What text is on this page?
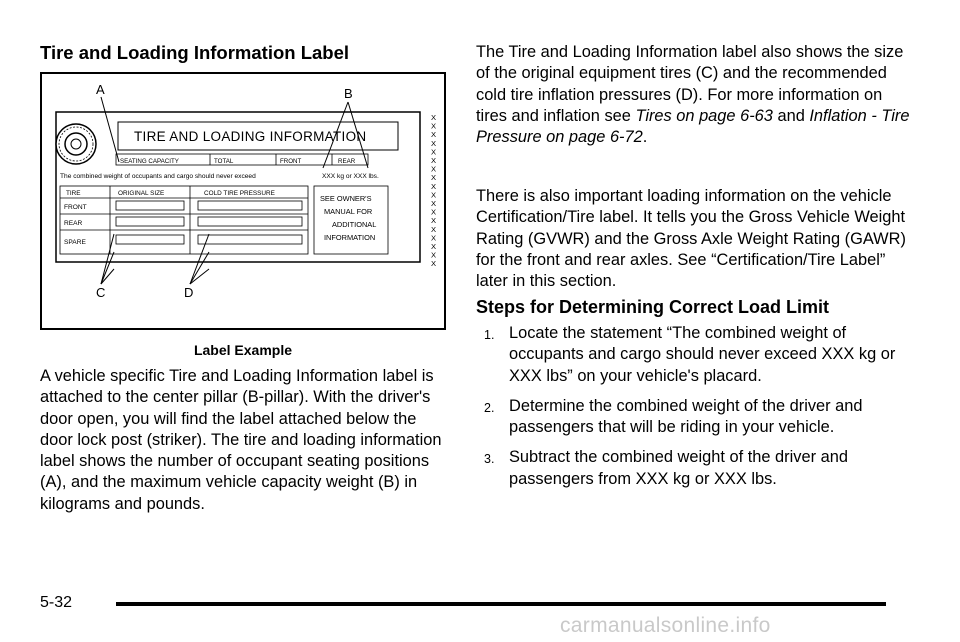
Tire and Loading Information Label
A	B
C	D
TIRE AND LOADING INFORMATION
SEATING CAPACITY	TOTAL	FRONT	REAR
The combined weight of occupants and cargo should never exceed	XXX kg or XXX lbs.
TIRE	ORIGINAL SIZE	COLD TIRE PRESSURE
FRONT
REAR
SPARE
SEE OWNER'S
MANUAL FOR
ADDITIONAL
INFORMATION
X
X
X
X
X
X
X
X
X
X
X
X
X
X
X
X
X
X
Label Example

A vehicle specific Tire and Loading Information label is attached to the center pillar (B-pillar). With the driver's door open, you will find the label attached below the door lock post (striker). The tire and loading information label shows the number of occupant seating positions (A), and the maximum vehicle capacity weight (B) in kilograms and pounds.

The Tire and Loading Information label also shows the size of the original equipment tires (C) and the recommended cold tire inflation pressures (D). For more information on tires and inflation see Tires on page 6-63 and Inflation - Tire Pressure on page 6-72.

There is also important loading information on the vehicle Certification/Tire label. It tells you the Gross Vehicle Weight Rating (GVWR) and the Gross Axle Weight Rating (GAWR) for the front and rear axles. See “Certification/Tire Label” later in this section.

Steps for Determining Correct Load Limit
1. Locate the statement “The combined weight of occupants and cargo should never exceed XXX kg or XXX lbs” on your vehicle's placard.
2. Determine the combined weight of the driver and passengers that will be riding in your vehicle.
3. Subtract the combined weight of the driver and passengers from XXX kg or XXX lbs.
5-32
carmanualsonline.info
